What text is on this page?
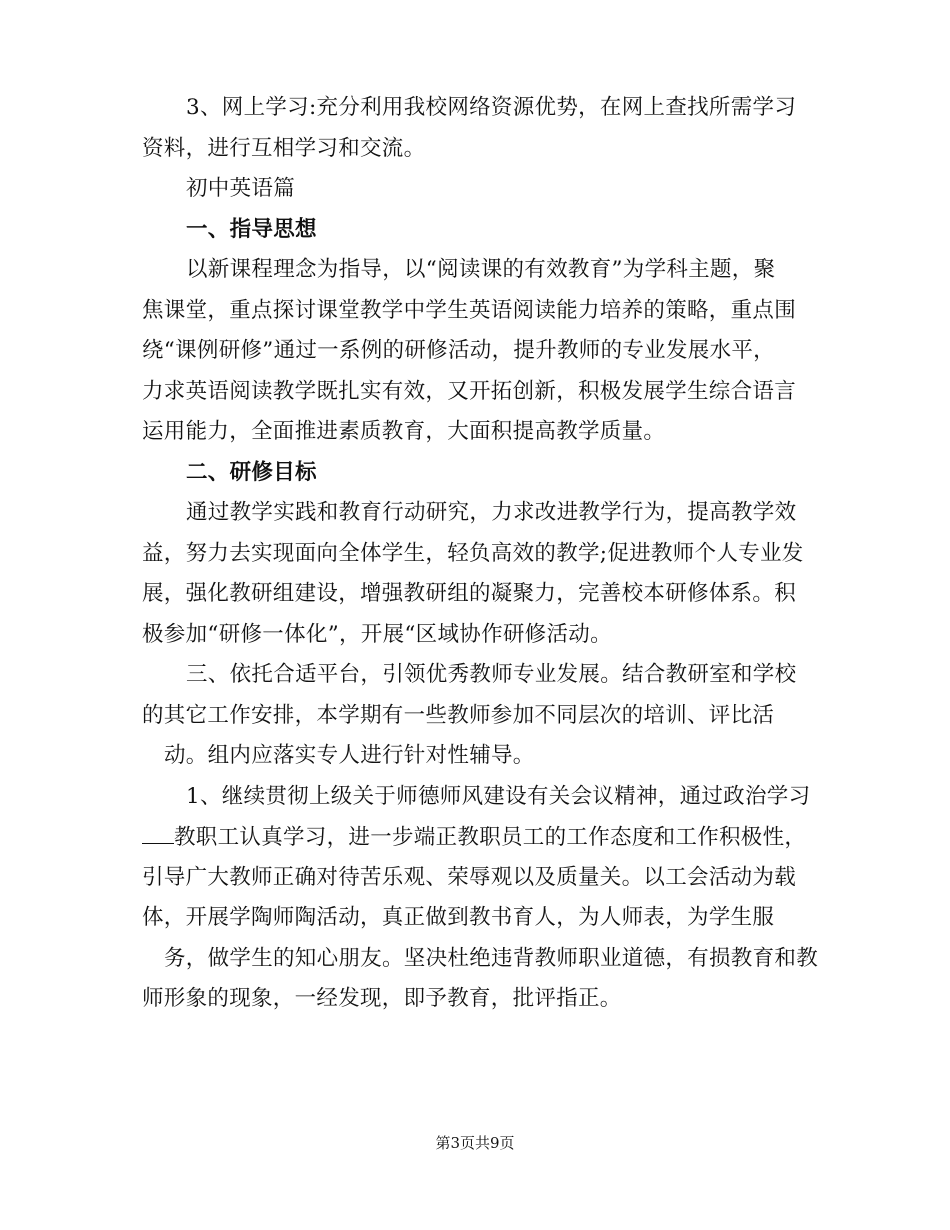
3、网上学习:充分利用我校网络资源优势，在网上查找所需学习
资料，进行互相学习和交流。
初中英语篇
一、指导思想
以新课程理念为指导，以“阅读课的有效教育”为学科主题，聚
焦课堂，重点探讨课堂教学中学生英语阅读能力培养的策略，重点围
绕“课例研修”通过一系例的研修活动，提升教师的专业发展水平，
力求英语阅读教学既扎实有效，又开拓创新，积极发展学生综合语言
运用能力，全面推进素质教育，大面积提高教学质量。
二、研修目标
通过教学实践和教育行动研究，力求改进教学行为，提高教学效
益，努力去实现面向全体学生，轻负高效的教学;促进教师个人专业发
展，强化教研组建设，增强教研组的凝聚力，完善校本研修体系。积
极参加“研修一体化”，开展“区域协作研修活动。
三、依托合适平台，引领优秀教师专业发展。结合教研室和学校
的其它工作安排，本学期有一些教师参加不同层次的培训、评比活
动。组内应落实专人进行针对性辅导。
1、继续贯彻上级关于师德师风建设有关会议精神，通过政治学习
教职工认真学习，进一步端正教职员工的工作态度和工作积极性，
引导广大教师正确对待苦乐观、荣辱观以及质量关。以工会活动为载
体，开展学陶师陶活动，真正做到教书育人，为人师表，为学生服
务，做学生的知心朋友。坚决杜绝违背教师职业道德，有损教育和教
师形象的现象，一经发现，即予教育，批评指正。
第3页共9页
